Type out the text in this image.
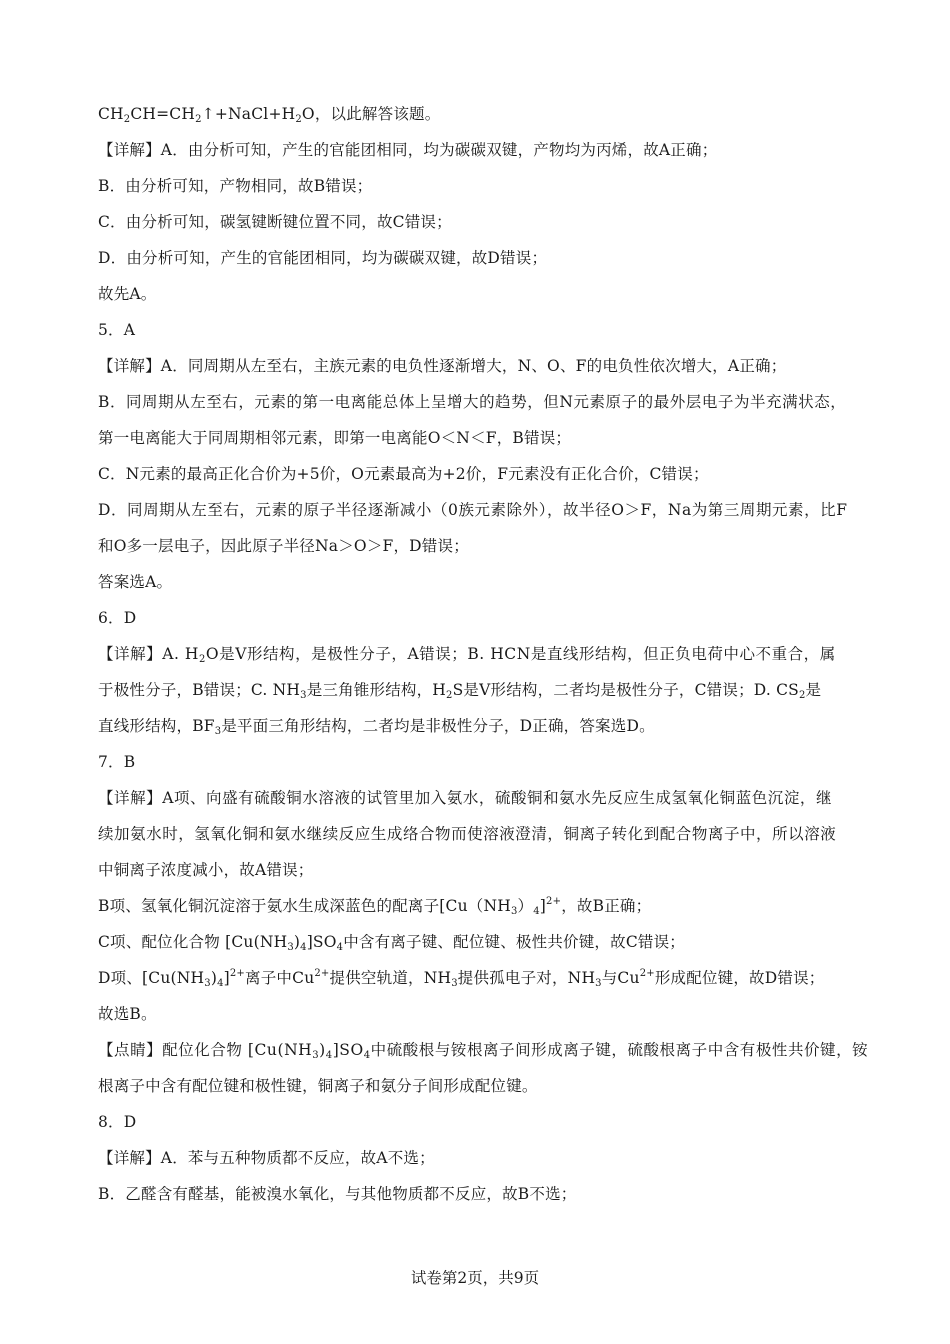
$CH_2CH=CH_2↑+NaCl+H_2O$，以此解答该题。
【详解】A．由分析可知，产生的官能团相同，均为碳碳双键，产物均为丙烯，故A正确；
B．由分析可知，产物相同，故B错误；
C．由分析可知，碳氢键断键位置不同，故C错误；
D．由分析可知，产生的官能团相同，均为碳碳双键，故D错误；
故先A。
5．A
【详解】A．同周期从左至右，主族元素的电负性逐渐增大，N、O、F的电负性依次增大，A正确；
B．同周期从左至右，元素的第一电离能总体上呈增大的趋势，但N元素原子的最外层电子为半充满状态，
第一电离能大于同周期相邻元素，即第一电离能O＜N＜F，B错误；
C．N元素的最高正化合价为+5价，O元素最高为+2价，F元素没有正化合价，C错误；
D．同周期从左至右，元素的原子半径逐渐减小（0族元素除外），故半径O＞F，Na为第三周期元素，比F
和O多一层电子，因此原子半径Na＞O＞F，D错误；
答案选A。
6．D
【详解】A. $H_2O$是V形结构，是极性分子，A错误；B. HCN是直线形结构，但正负电荷中心不重合，属
于极性分子，B错误；C. $NH_3$是三角锥形结构，$H_2S$是V形结构，二者均是极性分子，C错误；D. $CS_2$是
直线形结构，$BF_3$是平面三角形结构，二者均是非极性分子，D正确，答案选D。
7．B
【详解】A项、向盛有硫酸铜水溶液的试管里加入氨水，硫酸铜和氨水先反应生成氢氧化铜蓝色沉淀，继
续加氨水时，氢氧化铜和氨水继续反应生成络合物而使溶液澄清，铜离子转化到配合物离子中，所以溶液
中铜离子浓度减小，故A错误；
B项、氢氧化铜沉淀溶于氨水生成深蓝色的配离子$[Cu(NH_3)_4]^{2+}$，故B正确；
C项、配位化合物 $[Cu(NH_3)_4]SO_4$中含有离子键、配位键、极性共价键，故C错误；
D项、$[Cu(NH_3)_4]^{2+}$离子中$Cu^{2+}$提供空轨道，$NH_3$提供孤电子对，$NH_3$与$Cu^{2+}$形成配位键，故D错误；
故选B。
【点睛】配位化合物 $[Cu(NH_3)_4]SO_4$中硫酸根与铵根离子间形成离子键，硫酸根离子中含有极性共价键，铵
根离子中含有配位键和极性键，铜离子和氨分子间形成配位键。
8．D
【详解】A．苯与五种物质都不反应，故A不选；
B．乙醛含有醛基，能被溴水氧化，与其他物质都不反应，故B不选；
试卷第2页，共9页
